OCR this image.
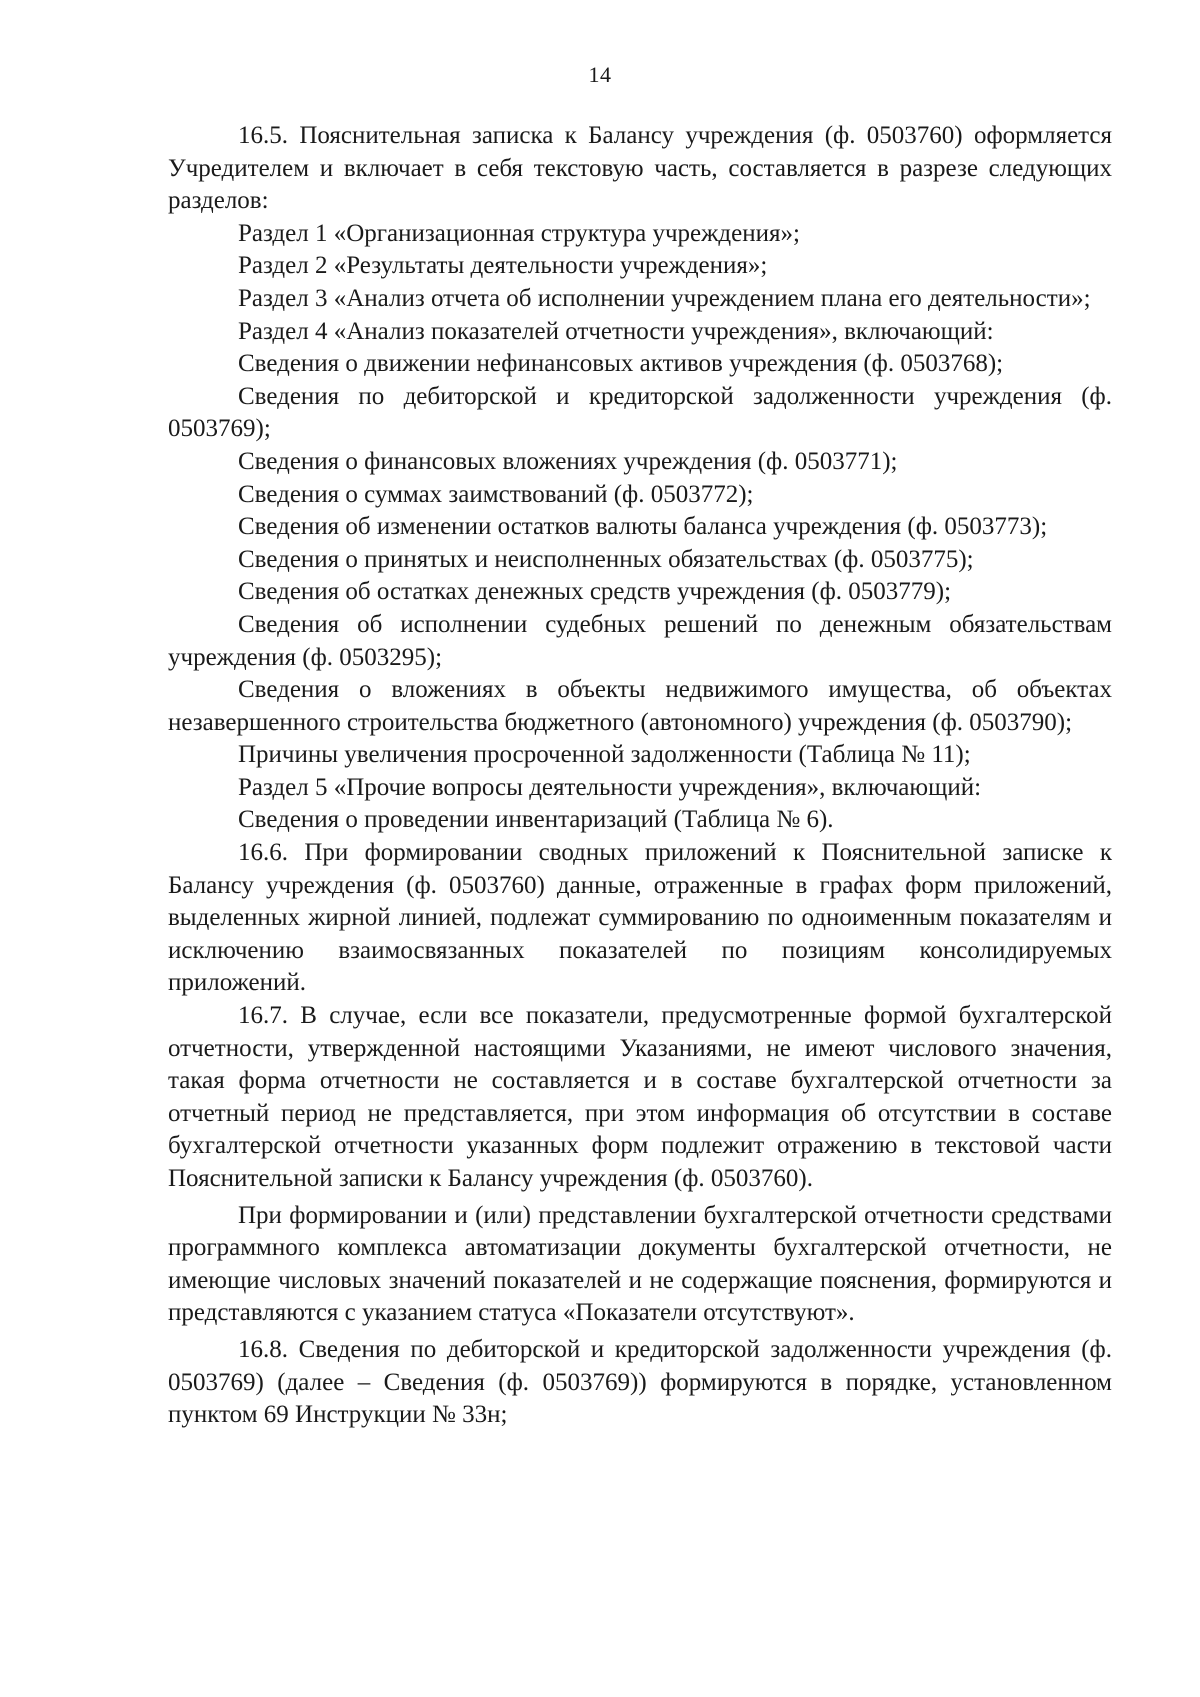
14

16.5. Пояснительная записка к Балансу учреждения (ф. 0503760) оформляется Учредителем и включает в себя текстовую часть, составляется в разрезе следующих разделов:

Раздел 1 «Организационная структура учреждения»;

Раздел 2 «Результаты деятельности учреждения»;

Раздел 3 «Анализ отчета об исполнении учреждением плана его деятельности»;

Раздел 4 «Анализ показателей отчетности учреждения», включающий:

Сведения о движении нефинансовых активов учреждения (ф. 0503768);

Сведения по дебиторской и кредиторской задолженности учреждения (ф. 0503769);

Сведения о финансовых вложениях учреждения (ф. 0503771);

Сведения о суммах заимствований (ф. 0503772);

Сведения об изменении остатков валюты баланса учреждения (ф. 0503773);

Сведения о принятых и неисполненных обязательствах (ф. 0503775);

Сведения об остатках денежных средств учреждения (ф. 0503779);

Сведения об исполнении судебных решений по денежным обязательствам учреждения (ф. 0503295);

Сведения о вложениях в объекты недвижимого имущества, об объектах незавершенного строительства бюджетного (автономного) учреждения (ф. 0503790);

Причины увеличения просроченной задолженности (Таблица № 11);

Раздел 5 «Прочие вопросы деятельности учреждения», включающий:

Сведения о проведении инвентаризаций (Таблица № 6).

16.6. При формировании сводных приложений к Пояснительной записке к Балансу учреждения (ф. 0503760) данные, отраженные в графах форм приложений, выделенных жирной линией, подлежат суммированию по одноименным показателям и исключению взаимосвязанных показателей по позициям консолидируемых приложений.

16.7. В случае, если все показатели, предусмотренные формой бухгалтерской отчетности, утвержденной настоящими Указаниями, не имеют числового значения, такая форма отчетности не составляется и в составе бухгалтерской отчетности за отчетный период не представляется, при этом информация об отсутствии в составе бухгалтерской отчетности указанных форм подлежит отражению в текстовой части Пояснительной записки к Балансу учреждения (ф. 0503760).

При формировании и (или) представлении бухгалтерской отчетности средствами программного комплекса автоматизации документы бухгалтерской отчетности, не имеющие числовых значений показателей и не содержащие пояснения, формируются и представляются с указанием статуса «Показатели отсутствуют».

16.8. Сведения по дебиторской и кредиторской задолженности учреждения (ф. 0503769) (далее – Сведения (ф. 0503769)) формируются в порядке, установленном пунктом 69 Инструкции № 33н;
